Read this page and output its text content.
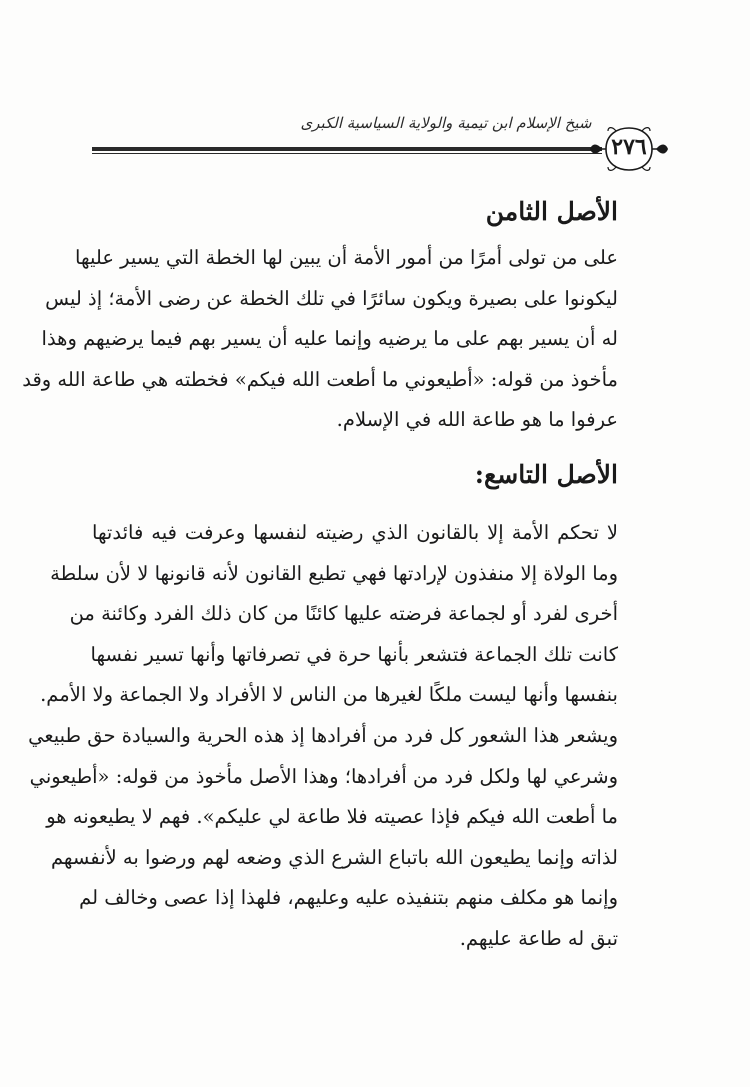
شيخ الإسلام ابن تيمية والولاية السياسية الكبرى
٢٧٦
الأصل الثامن
على من تولى أمرًا من أمور الأمة أن يبين لها الخطة التي يسير عليها
ليكونوا على بصيرة ويكون سائرًا في تلك الخطة عن رضى الأمة؛ إذ ليس
له أن يسير بهم على ما يرضيه وإنما عليه أن يسير بهم فيما يرضيهم وهذا
مأخوذ من قوله: «أطيعوني ما أطعت الله فيكم» فخطته هي طاعة الله وقد
عرفوا ما هو طاعة الله في الإسلام.
الأصل التاسع:
لا تحكم الأمة إلا بالقانون الذي رضيته لنفسها وعرفت فيه فائدتها
وما الولاة إلا منفذون لإرادتها فهي تطيع القانون لأنه قانونها لا لأن سلطة
أخرى لفرد أو لجماعة فرضته عليها كائنًا من كان ذلك الفرد وكائنة من
كانت تلك الجماعة فتشعر بأنها حرة في تصرفاتها وأنها تسير نفسها
بنفسها وأنها ليست ملكًا لغيرها من الناس لا الأفراد ولا الجماعة ولا الأمم.
ويشعر هذا الشعور كل فرد من أفرادها إذ هذه الحرية والسيادة حق طبيعي
وشرعي لها ولكل فرد من أفرادها؛ وهذا الأصل مأخوذ من قوله: «أطيعوني
ما أطعت الله فيكم فإذا عصيته فلا طاعة لي عليكم». فهم لا يطيعونه هو
لذاته وإنما يطيعون الله باتباع الشرع الذي وضعه لهم ورضوا به لأنفسهم
وإنما هو مكلف منهم بتنفيذه عليه وعليهم، فلهذا إذا عصى وخالف لم
تبق له طاعة عليهم.
